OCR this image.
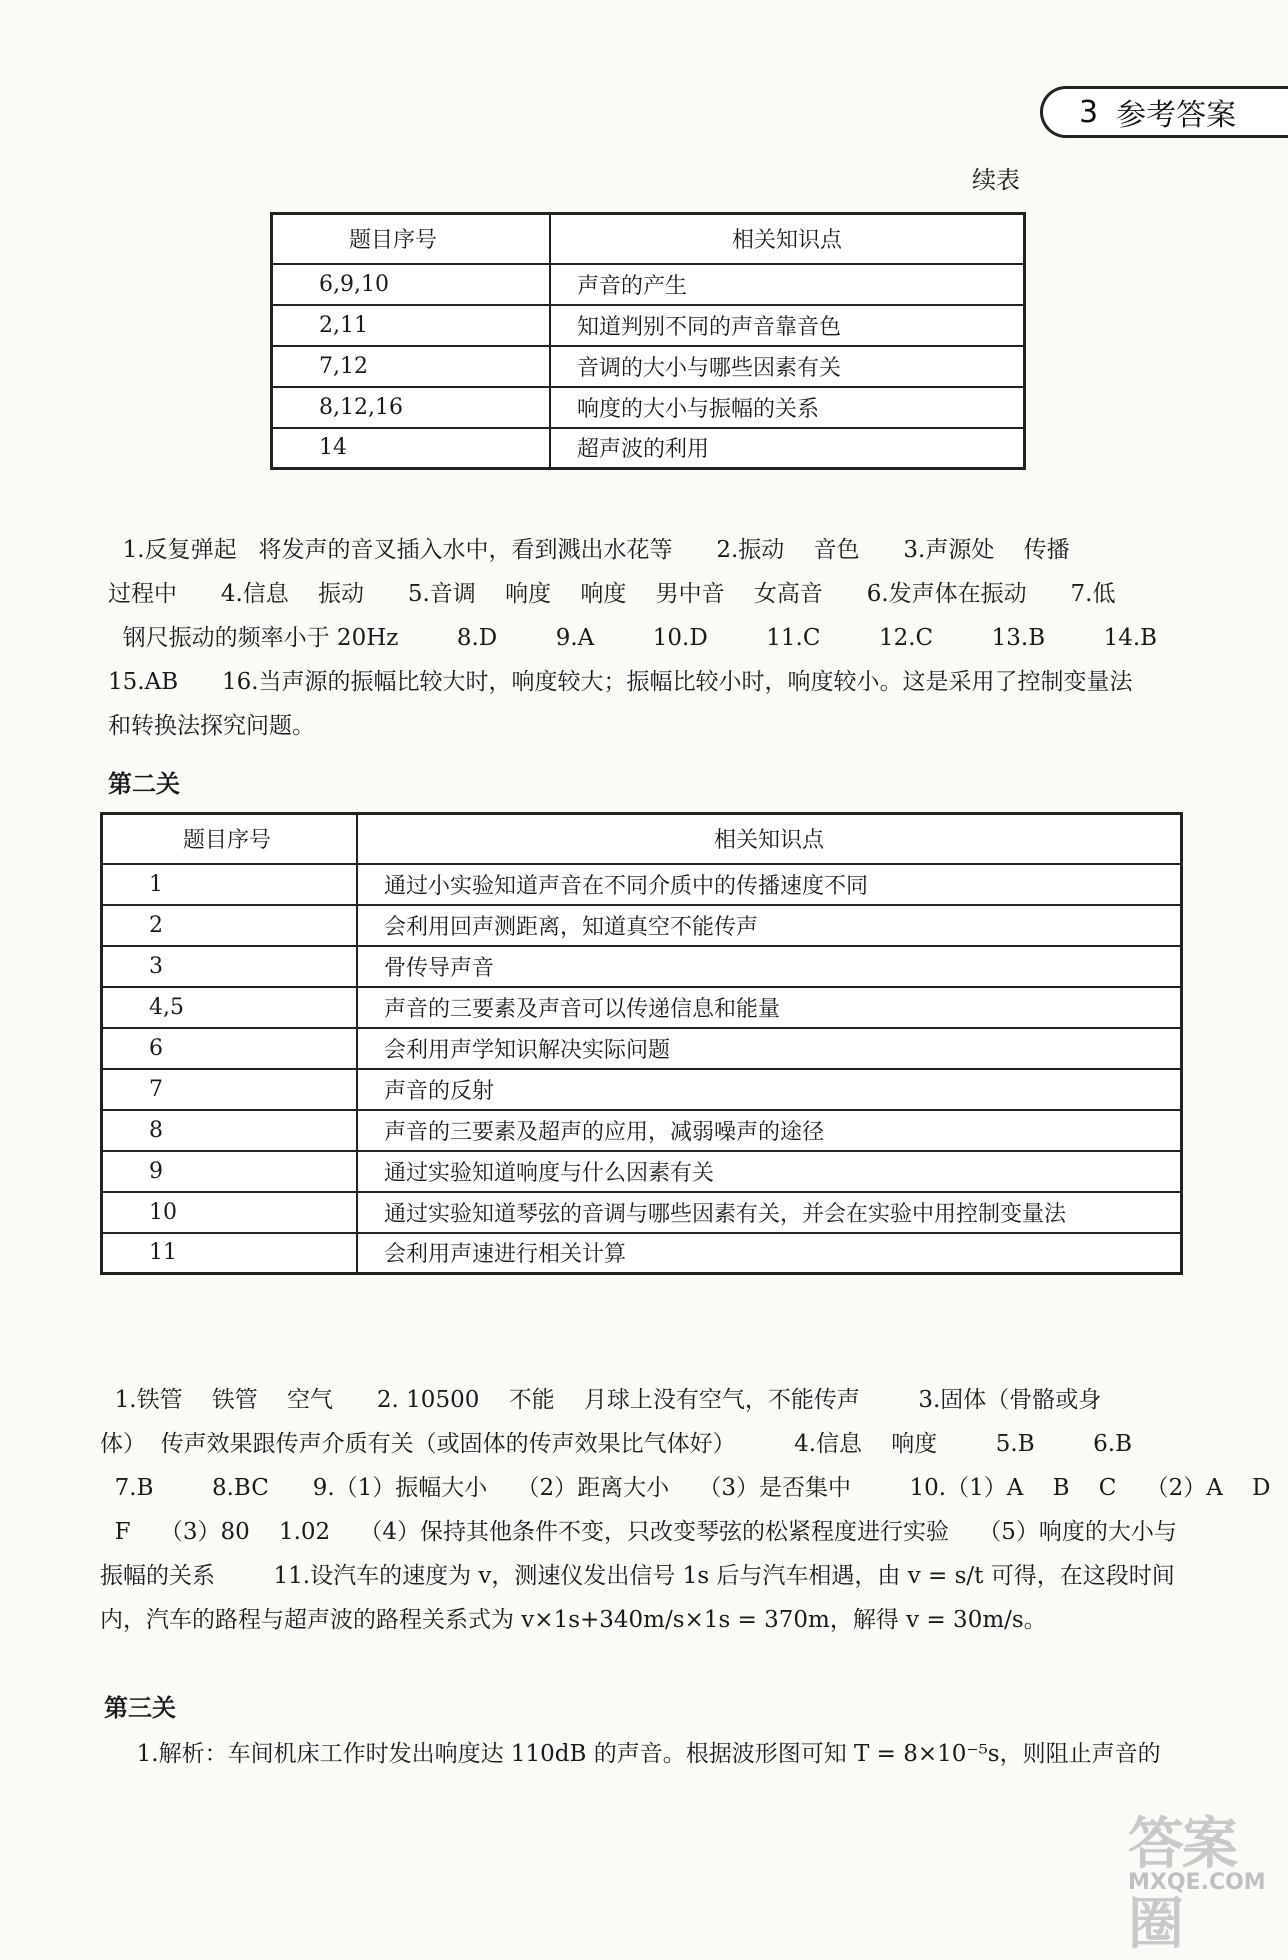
3 参考答案
续表
题目序号	相关知识点
6,9,10	声音的产生
2,11	知道判别不同的声音靠音色
7,12	音调的大小与哪些因素有关
8,12,16	响度的大小与振幅的关系
14	超声波的利用
1.反复弹起   将发声的音叉插入水中，看到溅出水花等      2.振动    音色      3.声源处    传播
过程中      4.信息    振动      5.音调    响度    响度    男中音    女高音      6.发声体在振动      7.低
钢尺振动的频率小于 20Hz        8.D        9.A        10.D        11.C        12.C        13.B        14.B
15.AB      16.当声源的振幅比较大时，响度较大；振幅比较小时，响度较小。这是采用了控制变量法
和转换法探究问题。
第二关
题目序号	相关知识点
1	通过小实验知道声音在不同介质中的传播速度不同
2	会利用回声测距离，知道真空不能传声
3	骨传导声音
4,5	声音的三要素及声音可以传递信息和能量
6	会利用声学知识解决实际问题
7	声音的反射
8	声音的三要素及超声的应用，减弱噪声的途径
9	通过实验知道响度与什么因素有关
10	通过实验知道琴弦的音调与哪些因素有关，并会在实验中用控制变量法
11	会利用声速进行相关计算
1.铁管    铁管    空气      2. 10500    不能    月球上没有空气，不能传声        3.固体（骨骼或身
体）  传声效果跟传声介质有关（或固体的传声效果比气体好）        4.信息    响度        5.B        6.B
7.B        8.BC      9.（1）振幅大小    （2）距离大小    （3）是否集中        10.（1）A    B    C    （2）A    D
F    （3）80    1.02    （4）保持其他条件不变，只改变琴弦的松紧程度进行实验    （5）响度的大小与
振幅的关系        11.设汽车的速度为 v，测速仪发出信号 1s 后与汽车相遇，由 v = s/t 可得，在这段时间
内，汽车的路程与超声波的路程关系式为 v×1s+340m/s×1s = 370m，解得 v = 30m/s。
第三关
1.解析：车间机床工作时发出响度达 110dB 的声音。根据波形图可知 T = 8×10⁻⁵s，则阻止声音的
答案圈
MXQE.COM
